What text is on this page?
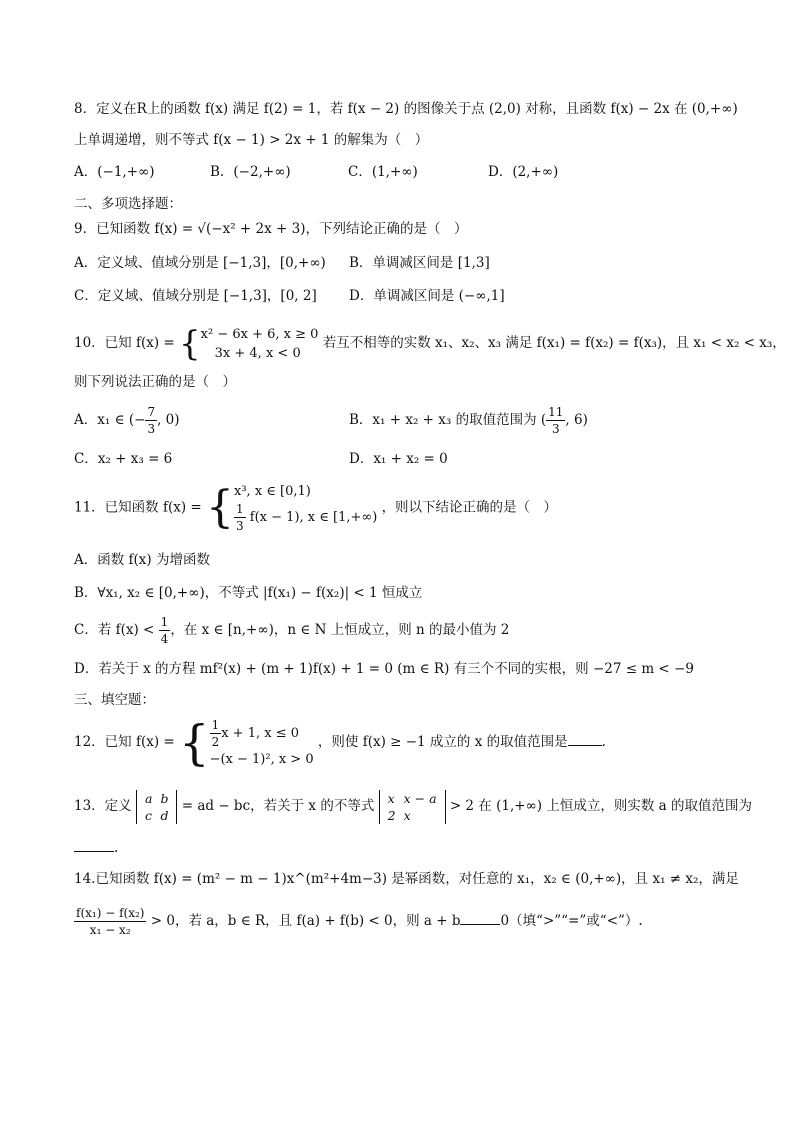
8．定义在R上的函数 f(x) 满足 f(2) = 1，若 f(x − 2) 的图像关于点 (2,0) 对称，且函数 f(x) − 2x 在 (0,+∞)
上单调递增，则不等式 f(x − 1) > 2x + 1 的解集为（　）
A．(−1,+∞)	B．(−2,+∞)	C．(1,+∞)	D．(2,+∞)
二、多项选择题：
9．已知函数 f(x) = √(−x² + 2x + 3)，下列结论正确的是（　）
A．定义域、值域分别是 [−1,3]，[0,+∞) B．单调减区间是 [1,3]
C．定义域、值域分别是 [−1,3]，[0, 2] D．单调减区间是 (−∞,1]
10．已知 f(x) = { x² − 6x + 6, x ≥ 0
3x + 4, x < 0
若互不相等的实数 x₁、x₂、x₃ 满足 f(x₁) = f(x₂) = f(x₃)，且 x₁ < x₂ < x₃，
则下列说法正确的是（　）
A．x₁ ∈ (− $\frac{7}{3}$ , 0)	B．x₁ + x₂ + x₃ 的取值范围为 ( $\frac{11}{3}$ , 6)
C．x₂ + x₃ = 6	D．x₁ + x₂ = 0
11．已知函数 f(x) = { x³, x ∈ [0,1)
$\frac{1}{3} f(x - 1)$, x ∈ [1,+∞)
，则以下结论正确的是（　）
A．函数 f(x) 为增函数
B．∀x₁, x₂ ∈ [0,+∞)，不等式 |f(x₁) − f(x₂)| < 1 恒成立
C．若 $f(x) < \frac{1}{4}$ ，在 x ∈ [n,+∞)，n ∈ N 上恒成立，则 n 的最小值为 2
D．若关于 x 的方程 mf²(x) + (m + 1)f(x) + 1 = 0 (m ∈ R) 有三个不同的实根，则 −27 ≤ m < −9
三、填空题：
12．已知 f(x) = { $\frac{1}{2}$ x + 1, x ≤ 0
−(x − 1)², x > 0
，则使 f(x) ≥ −1 成立的 x 的取值范围是	.
13．定义 a	b
c	d
= ad − bc，若关于 x 的不等式 x	x − a
2	x
> 2 在 (1,+∞) 上恒成立，则实数 a 的取值范围为
.
14.已知函数 f(x) = (m² − m − 1)x^(m²+4m−3) 是幂函数，对任意的 x₁，x₂ ∈ (0,+∞)，且 x₁ ≠ x₂，满足
$\frac{\text{f(x₁) − f(x₂)}}{\text{x₁ − x₂}} > 0$，若 a，b ∈ R，且 f(a) + f(b) < 0，则 a + b	0（填“>”“=”或“<”）.
